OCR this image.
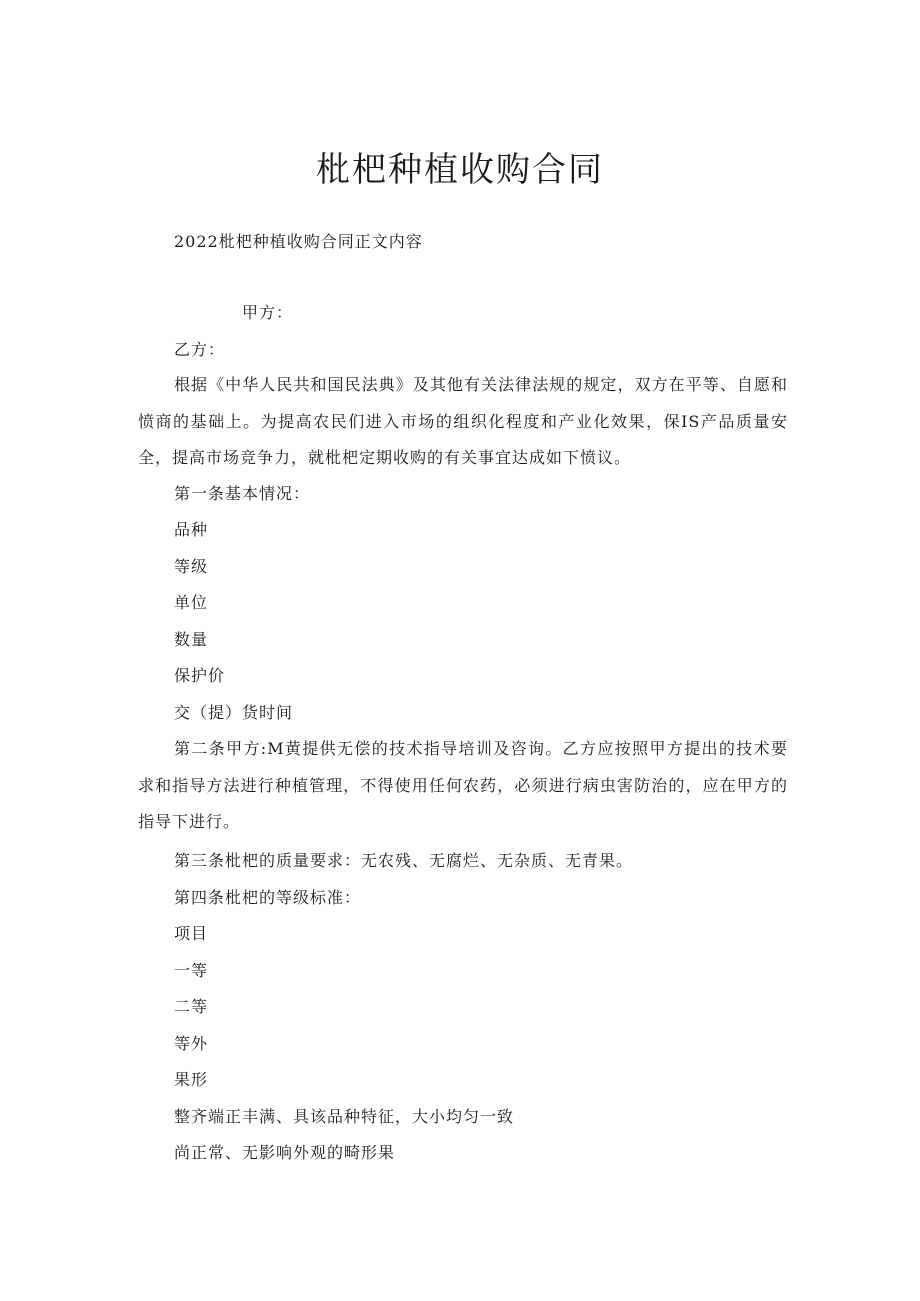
枇杷种植收购合同
2022枇杷种植收购合同正文内容
甲方：
乙方：

根据《中华人民共和国民法典》及其他有关法律法规的规定，双方在平等、自愿和愤商的基础上。为提高农民们进入市场的组织化程度和产业化效果，保IS产品质量安全，提高市场竞争力，就枇杷定期收购的有关事宜达成如下愤议。

第一条基本情况：
品种
等级
单位
数量
保护价
交（提）货时间

第二条甲方:M黄提供无偿的技术指导培训及咨询。乙方应按照甲方提出的技术要求和指导方法进行种植管理，不得使用任何农药，必须进行病虫害防治的，应在甲方的指导下进行。

第三条枇杷的质量要求：无农残、无腐烂、无杂质、无青果。
第四条枇杷的等级标准：
项目
一等
二等
等外
果形
整齐端正丰满、具该品种特征，大小均匀一致
尚正常、无影响外观的畸形果
